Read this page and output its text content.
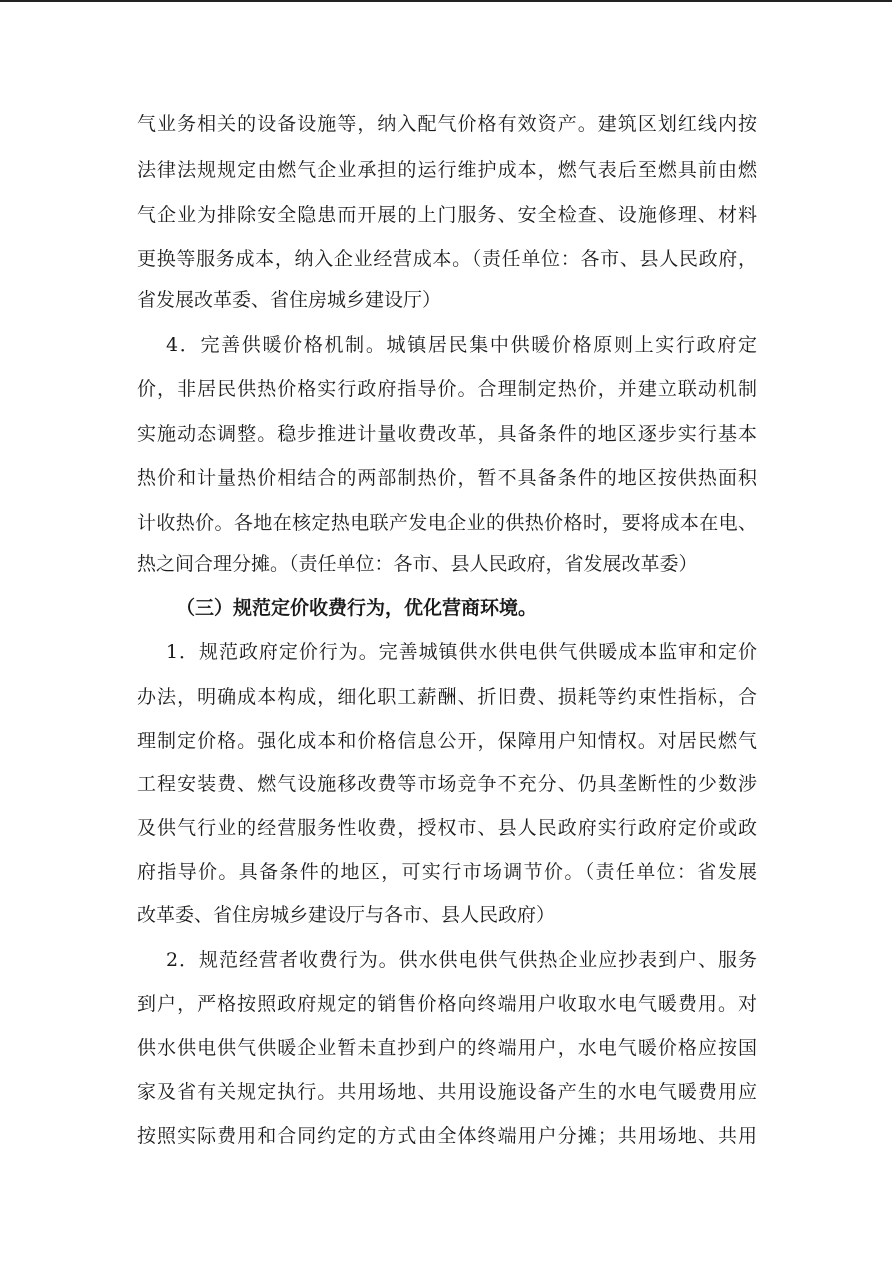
气业务相关的设备设施等，纳入配气价格有效资产。建筑区划红线内按
法律法规规定由燃气企业承担的运行维护成本，燃气表后至燃具前由燃
气企业为排除安全隐患而开展的上门服务、安全检查、设施修理、材料
更换等服务成本，纳入企业经营成本。（责任单位：各市、县人民政府，
省发展改革委、省住房城乡建设厅）
4．完善供暖价格机制。城镇居民集中供暖价格原则上实行政府定
价，非居民供热价格实行政府指导价。合理制定热价，并建立联动机制
实施动态调整。稳步推进计量收费改革，具备条件的地区逐步实行基本
热价和计量热价相结合的两部制热价，暂不具备条件的地区按供热面积
计收热价。各地在核定热电联产发电企业的供热价格时，要将成本在电、
热之间合理分摊。（责任单位：各市、县人民政府，省发展改革委）
（三）规范定价收费行为，优化营商环境。
1．规范政府定价行为。完善城镇供水供电供气供暖成本监审和定价
办法，明确成本构成，细化职工薪酬、折旧费、损耗等约束性指标，合
理制定价格。强化成本和价格信息公开，保障用户知情权。对居民燃气
工程安装费、燃气设施移改费等市场竞争不充分、仍具垄断性的少数涉
及供气行业的经营服务性收费，授权市、县人民政府实行政府定价或政
府指导价。具备条件的地区，可实行市场调节价。（责任单位：省发展
改革委、省住房城乡建设厅与各市、县人民政府）
2．规范经营者收费行为。供水供电供气供热企业应抄表到户、服务
到户，严格按照政府规定的销售价格向终端用户收取水电气暖费用。对
供水供电供气供暖企业暂未直抄到户的终端用户，水电气暖价格应按国
家及省有关规定执行。共用场地、共用设施设备产生的水电气暖费用应
按照实际费用和合同约定的方式由全体终端用户分摊；共用场地、共用
